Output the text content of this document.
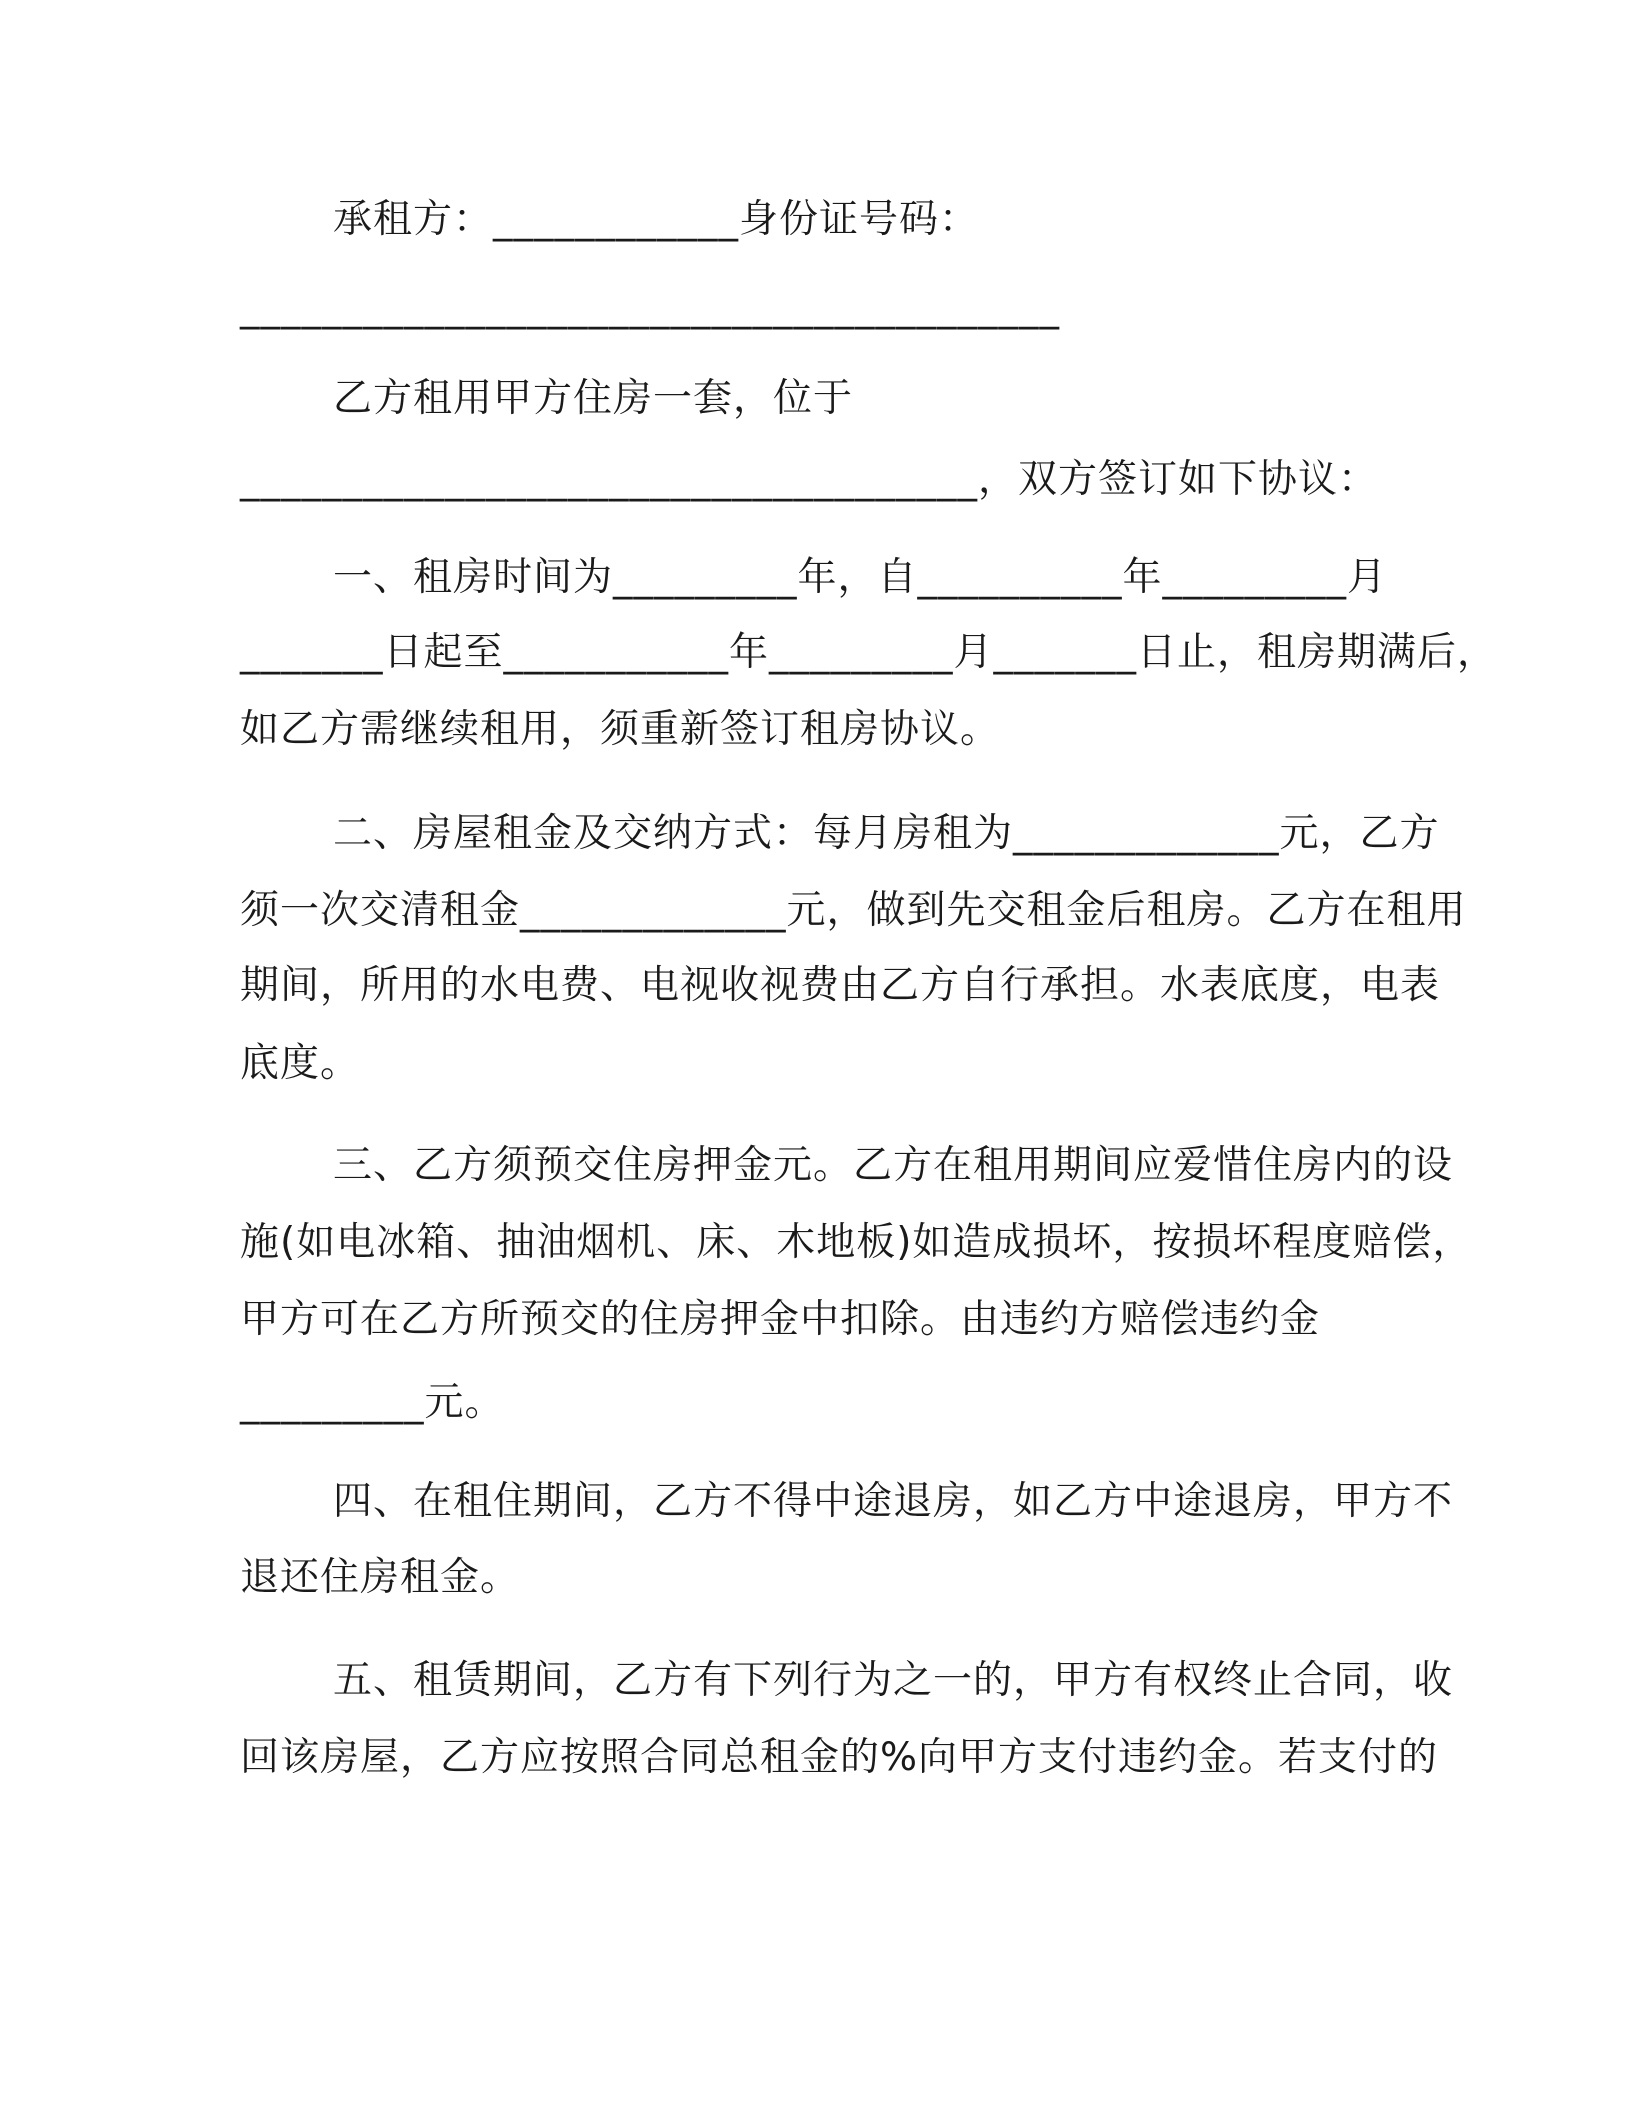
承租方：____________身份证号码：
________________________________________
乙方租用甲方住房一套，位于
____________________________________，双方签订如下协议：
一、租房时间为_________年，自__________年_________月
_______日起至___________年_________月_______日止，租房期满后，
如乙方需继续租用，须重新签订租房协议。
二、房屋租金及交纳方式：每月房租为_____________元，乙方
须一次交清租金_____________元，做到先交租金后租房。乙方在租用
期间，所用的水电费、电视收视费由乙方自行承担。水表底度，电表
底度。
三、乙方须预交住房押金元。乙方在租用期间应爱惜住房内的设
施(如电冰箱、抽油烟机、床、木地板)如造成损坏，按损坏程度赔偿，
甲方可在乙方所预交的住房押金中扣除。由违约方赔偿违约金
_________元。
四、在租住期间，乙方不得中途退房，如乙方中途退房，甲方不
退还住房租金。
五、租赁期间，乙方有下列行为之一的，甲方有权终止合同，收
回该房屋，乙方应按照合同总租金的%向甲方支付违约金。若支付的
